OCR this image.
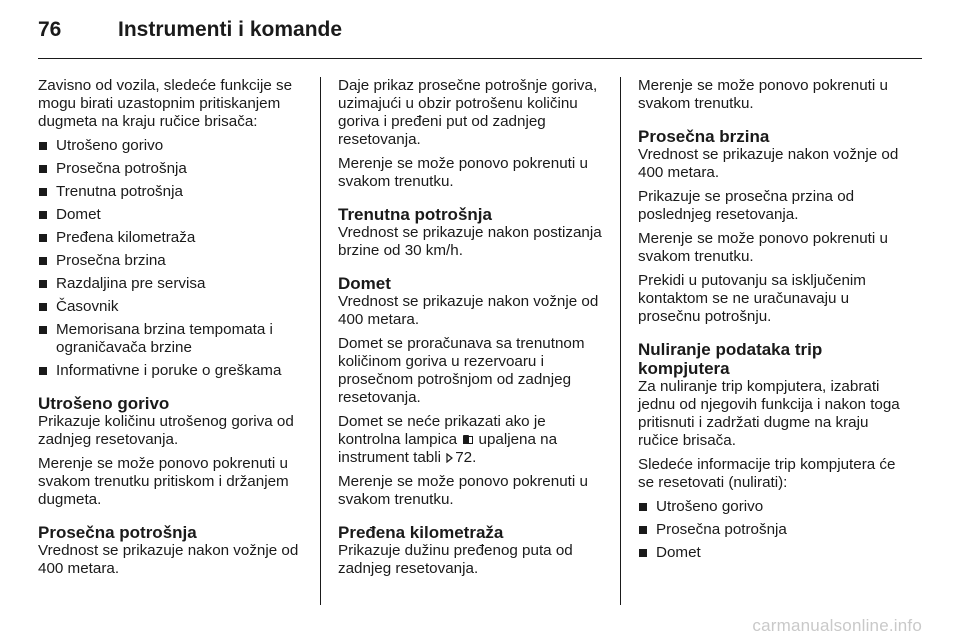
76	Instrumenti i komande

Zavisno od vozila, sledeće funkcije se mogu birati uzastopnim pritiskanjem dugmeta na kraju ručice brisača:

Utrošeno gorivo
Prosečna potrošnja
Trenutna potrošnja
Domet
Pređena kilometraža
Prosečna brzina
Razdaljina pre servisa
Časovnik
Memorisana brzina tempomata i ograničavača brzine
Informativne i poruke o greškama
Utrošeno gorivo

Prikazuje količinu utrošenog goriva od zadnjeg resetovanja.

Merenje se može ponovo pokrenuti u svakom trenutku pritiskom i držanjem dugmeta.

Prosečna potrošnja

Vrednost se prikazuje nakon vožnje od 400 metara.

Daje prikaz prosečne potrošnje goriva, uzimajući u obzir potrošenu količinu goriva i pređeni put od zadnjeg resetovanja.

Merenje se može ponovo pokrenuti u svakom trenutku.

Trenutna potrošnja

Vrednost se prikazuje nakon postizanja brzine od 30 km/h.

Domet

Vrednost se prikazuje nakon vožnje od 400 metara.

Domet se proračunava sa trenutnom količinom goriva u rezervoaru i prosečnom potrošnjom od zadnjeg resetovanja.

Domet se neće prikazati ako je kontrolna lampica upaljena na instrument tabli 72.

Merenje se može ponovo pokrenuti u svakom trenutku.

Pređena kilometraža

Prikazuje dužinu pređenog puta od zadnjeg resetovanja.

Merenje se može ponovo pokrenuti u svakom trenutku.

Prosečna brzina

Vrednost se prikazuje nakon vožnje od 400 metara.

Prikazuje se prosečna przina od poslednjeg resetovanja.

Merenje se može ponovo pokrenuti u svakom trenutku.

Prekidi u putovanju sa isključenim kontaktom se ne uračunavaju u prosečnu potrošnju.

Nuliranje podataka trip kompjutera

Za nuliranje trip kompjutera, izabrati jednu od njegovih funkcija i nakon toga pritisnuti i zadržati dugme na kraju ručice brisača.

Sledeće informacije trip kompjutera će se resetovati (nulirati):

Utrošeno gorivo
Prosečna potrošnja
Domet
carmanualsonline.info
